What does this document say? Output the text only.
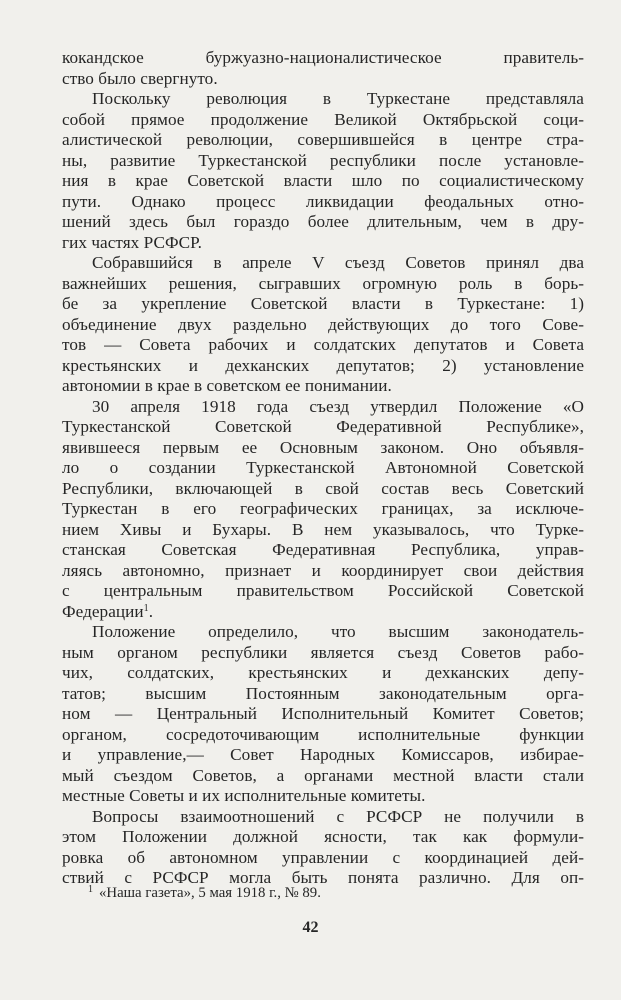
кокандское буржуазно-националистическое правитель-
ство было свергнуто.
Поскольку революция в Туркестане представляла
собой прямое продолжение Великой Октябрьской соци-
алистической революции, совершившейся в центре стра-
ны, развитие Туркестанской республики после установле-
ния в крае Советской власти шло по социалистическому
пути. Однако процесс ликвидации феодальных отно-
шений здесь был гораздо более длительным, чем в дру-
гих частях РСФСР.
Собравшийся в апреле V съезд Советов принял два
важнейших решения, сыгравших огромную роль в борь-
бе за укрепление Советской власти в Туркестане: 1)
объединение двух раздельно действующих до того Сове-
тов — Совета рабочих и солдатских депутатов и Совета
крестьянских и дехканских депутатов; 2) установление
автономии в крае в советском ее понимании.
30 апреля 1918 года съезд утвердил Положение «О
Туркестанской Советской Федеративной Республике»,
явившееся первым ее Основным законом. Оно объявля-
ло о создании Туркестанской Автономной Советской
Республики, включающей в свой состав весь Советский
Туркестан в его географических границах, за исключе-
нием Хивы и Бухары. В нем указывалось, что Турке-
станская Советская Федеративная Республика, управ-
ляясь автономно, признает и координирует свои действия
с центральным правительством Российской Советской
Федерации$^1$.
Положение определило, что высшим законодатель-
ным органом республики является съезд Советов рабо-
чих, солдатских, крестьянских и дехканских депу-
татов; высшим Постоянным законодательным орга-
ном — Центральный Исполнительный Комитет Советов;
органом, сосредоточивающим исполнительные функции
и управление,— Совет Народных Комиссаров, избирае-
мый съездом Советов, а органами местной власти стали
местные Советы и их исполнительные комитеты.
Вопросы взаимоотношений с РСФСР не получили в
этом Положении должной ясности, так как формули-
ровка об автономном управлении с координацией дей-
ствий с РСФСР могла быть понята различно. Для оп-
$^1$ «Наша газета», 5 мая 1918 г., № 89.
42
